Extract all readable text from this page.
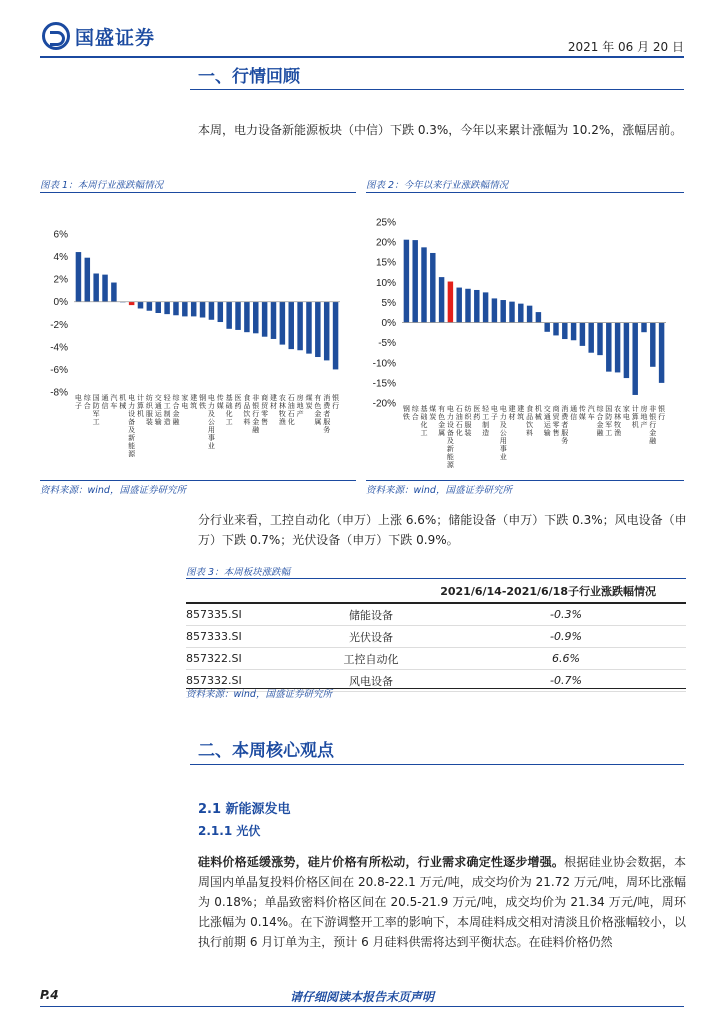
国盛证券	2021 年 06 月 20 日
一、行情回顾
本周，电力设备新能源板块（中信）下跌 0.3%，今年以来累计涨幅为 10.2%，涨幅居前。
图表 1：本周行业涨跌幅情况	图表 2：今年以来行业涨跌幅情况
6%
4%
2%
0%
-2%
-4%
-6%
-8% 电子
综合
国防军工
通信
汽车
机械
电力设备及新能源
计算机
纺织服装
交通运输
轻工制造
综合金融
家电
建筑
钢铁
电力及公用事业
传媒
基础化工
医药
食品饮料
非银行金融
商贸零售
建材
农林牧渔
石油石化
房地产
煤炭
有色金属
消费者服务
银行
25%
20%
15%
10%
5%
0%
-5%
-10%
-15%
-20% 钢铁
综合
基础化工
煤炭
有色金属
电力设备及新能源
石油石化
纺织服装
医药
轻工制造
电子
电力及公用事业
建材
建筑
食品饮料
机械
交通运输
商贸零售
消费者服务
通信
传媒
汽车
综合金融
国防军工
农林牧渔
家电
计算机
房地产
非银行金融
银行
资料来源：wind，国盛证券研究所	资料来源：wind，国盛证券研究所
分行业来看，工控自动化（申万）上涨 6.6%；储能设备（申万）下跌 0.3%；风电设备（申万）下跌 0.7%；光伏设备（申万）下跌 0.9%。
图表 3：本周板块涨跌幅
2021/6/14-2021/6/18子行业涨跌幅情况
857335.SI	储能设备	-0.3%
857333.SI	光伏设备	-0.9%
857322.SI	工控自动化	6.6%
857332.SI	风电设备	-0.7%
资料来源：wind，国盛证券研究所
二、本周核心观点
2.1 新能源发电
2.1.1 光伏
硅料价格延缓涨势，硅片价格有所松动，行业需求确定性逐步增强。根据硅业协会数据，本周国内单晶复投料价格区间在 20.8-22.1 万元/吨，成交均价为 21.72 万元/吨，周环比涨幅为 0.18%；单晶致密料价格区间在 20.5-21.9 万元/吨，成交均价为 21.34 万元/吨，周环比涨幅为 0.14%。在下游调整开工率的影响下，本周硅料成交相对清淡且价格涨幅较小，以执行前期 6 月订单为主，预计 6 月硅料供需将达到平衡状态。在硅料价格仍然
P.4	请仔细阅读本报告末页声明
